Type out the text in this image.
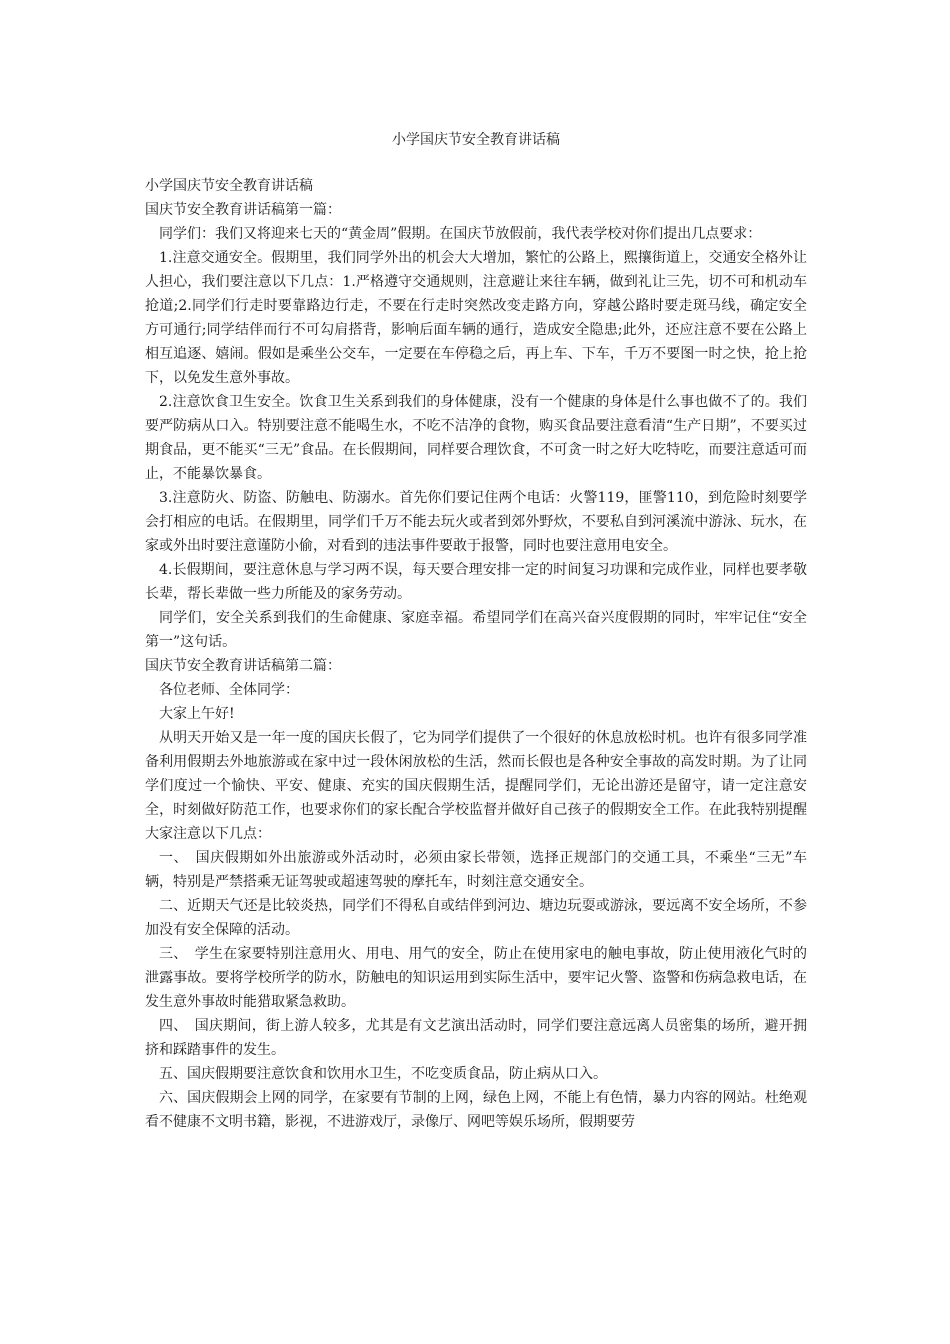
小学国庆节安全教育讲话稿

小学国庆节安全教育讲话稿

国庆节安全教育讲话稿第一篇：

同学们：我们又将迎来七天的“黄金周”假期。在国庆节放假前，我代表学校对你们提出几点要求：

1.注意交通安全。假期里，我们同学外出的机会大大增加，繁忙的公路上，熙攘街道上，交通安全格外让人担心，我们要注意以下几点：1.严格遵守交通规则，注意避让来往车辆，做到礼让三先，切不可和机动车抢道;2.同学们行走时要靠路边行走，不要在行走时突然改变走路方向，穿越公路时要走斑马线，确定安全方可通行;同学结伴而行不可勾肩搭背，影响后面车辆的通行，造成安全隐患;此外，还应注意不要在公路上相互追逐、嬉闹。假如是乘坐公交车，一定要在车停稳之后，再上车、下车，千万不要图一时之快，抢上抢下，以免发生意外事故。

2.注意饮食卫生安全。饮食卫生关系到我们的身体健康，没有一个健康的身体是什么事也做不了的。我们要严防病从口入。特别要注意不能喝生水，不吃不洁净的食物，购买食品要注意看清“生产日期”，不要买过期食品，更不能买“三无”食品。在长假期间，同样要合理饮食，不可贪一时之好大吃特吃，而要注意适可而止，不能暴饮暴食。

3.注意防火、防盗、防触电、防溺水。首先你们要记住两个电话：火警119，匪警110，到危险时刻要学会打相应的电话。在假期里，同学们千万不能去玩火或者到郊外野炊，不要私自到河溪流中游泳、玩水，在家或外出时要注意谨防小偷，对看到的违法事件要敢于报警，同时也要注意用电安全。

4.长假期间，要注意休息与学习两不误，每天要合理安排一定的时间复习功课和完成作业，同样也要孝敬长辈，帮长辈做一些力所能及的家务劳动。

同学们，安全关系到我们的生命健康、家庭幸福。希望同学们在高兴奋兴度假期的同时，牢牢记住“安全第一”这句话。

国庆节安全教育讲话稿第二篇：

各位老师、全体同学：

大家上午好!

从明天开始又是一年一度的国庆长假了，它为同学们提供了一个很好的休息放松时机。也许有很多同学准备利用假期去外地旅游或在家中过一段休闲放松的生活，然而长假也是各种安全事故的高发时期。为了让同学们度过一个愉快、平安、健康、充实的国庆假期生活，提醒同学们，无论出游还是留守，请一定注意安全，时刻做好防范工作，也要求你们的家长配合学校监督并做好自己孩子的假期安全工作。在此我特别提醒大家注意以下几点：

一、　国庆假期如外出旅游或外活动时，必须由家长带领，选择正规部门的交通工具，不乘坐“三无”车辆，特别是严禁搭乘无证驾驶或超速驾驶的摩托车，时刻注意交通安全。

二、近期天气还是比较炎热，同学们不得私自或结伴到河边、塘边玩耍或游泳，要远离不安全场所，不参加没有安全保障的活动。

三、　学生在家要特别注意用火、用电、用气的安全，防止在使用家电的触电事故，防止使用液化气时的泄露事故。要将学校所学的防水，防触电的知识运用到实际生活中，要牢记火警、盗警和伤病急救电话，在发生意外事故时能猎取紧急救助。

四、　国庆期间，街上游人较多，尤其是有文艺演出活动时，同学们要注意远离人员密集的场所，避开拥挤和踩踏事件的发生。

五、国庆假期要注意饮食和饮用水卫生，不吃变质食品，防止病从口入。

六、国庆假期会上网的同学，在家要有节制的上网，绿色上网，不能上有色情，暴力内容的网站。杜绝观看不健康不文明书籍，影视，不进游戏厅，录像厅、网吧等娱乐场所，假期要劳
